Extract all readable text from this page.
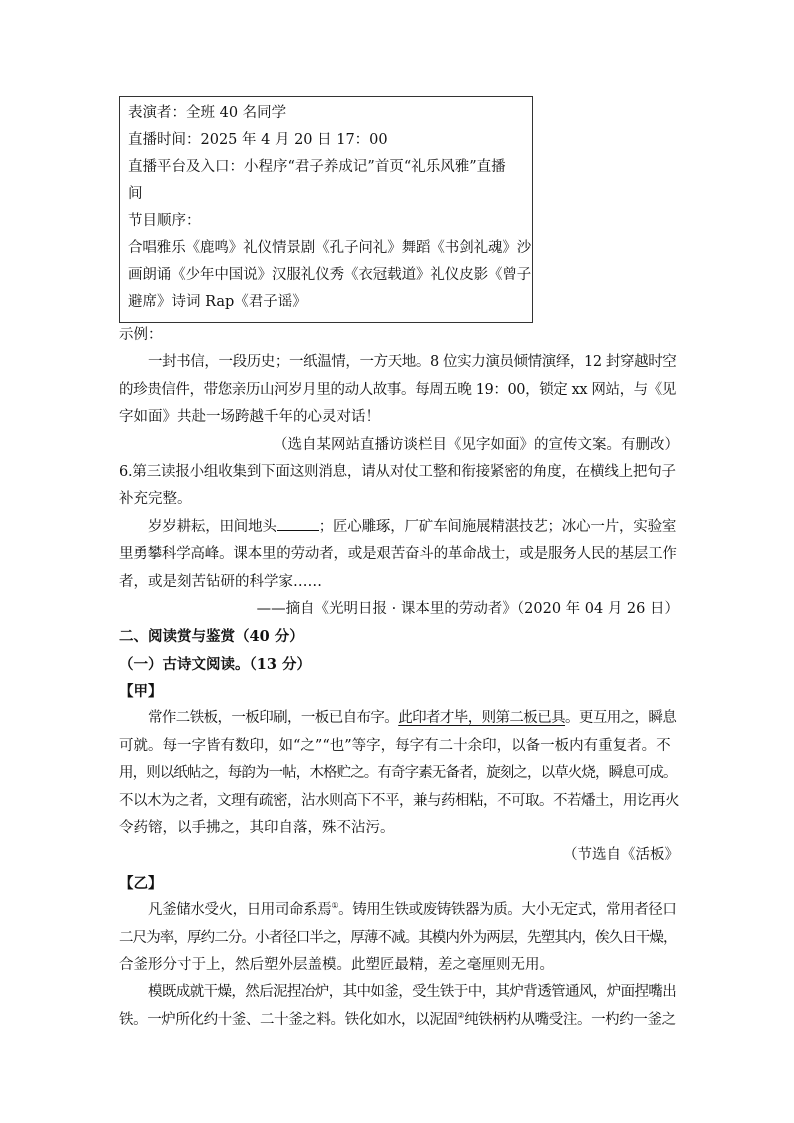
表演者：全班 40 名同学
直播时间：2025 年 4 月 20 日 17：00
直播平台及入口：小程序“君子养成记”首页“礼乐风雅”直播
间
节目顺序：
合唱雅乐《鹿鸣》礼仪情景剧《孔子问礼》舞蹈《书剑礼魂》沙
画朗诵《少年中国说》汉服礼仪秀《衣冠载道》礼仪皮影《曾子
避席》诗词 Rap《君子谣》
示例：
一封书信，一段历史；一纸温情，一方天地。8 位实力演员倾情演绎，12 封穿越时空
的珍贵信件，带您亲历山河岁月里的动人故事。每周五晚 19：00，锁定 xx 网站，与《见
字如面》共赴一场跨越千年的心灵对话！
（选自某网站直播访谈栏目《见字如面》的宣传文案。有删改）
6.第三读报小组收集到下面这则消息，请从对仗工整和衔接紧密的角度，在横线上把句子
补充完整。
岁岁耕耘，田间地头	；匠心雕琢，厂矿车间施展精湛技艺；冰心一片，实验室
里勇攀科学高峰。课本里的劳动者，或是艰苦奋斗的革命战士，或是服务人民的基层工作
者，或是刻苦钻研的科学家……
——摘自《光明日报 · 课本里的劳动者》（2020 年 04 月 26 日）
二、阅读赏与鉴赏（40 分）
（一）古诗文阅读。（13 分）
【甲】
常作二铁板，一板印刷，一板已自布字。此印者才毕，则第二板已具。更互用之，瞬息
可就。每一字皆有数印，如“之”“也”等字，每字有二十余印，以备一板内有重复者。不
用，则以纸帖之，每韵为一帖，木格贮之。有奇字素无备者，旋刻之，以草火烧，瞬息可成。
不以木为之者，文理有疏密，沾水则高下不平，兼与药相粘，不可取。不若燔土，用讫再火
令药镕，以手拂之，其印自落，殊不沾污。
（节选自《活板》
【乙】
凡釜储水受火，日用司命系焉①。铸用生铁或废铸铁器为质。大小无定式，常用者径口
二尺为率，厚约二分。小者径口半之，厚薄不减。其模内外为两层，先塑其内，俟久日干燥，
合釜形分寸于上，然后塑外层盖模。此塑匠最精，差之毫厘则无用。
模既成就干燥，然后泥捏冶炉，其中如釜，受生铁于中，其炉背透管通风，炉面捏嘴出
铁。一炉所化约十釜、二十釜之料。铁化如水，以泥固②纯铁柄杓从嘴受注。一杓约一釜之
